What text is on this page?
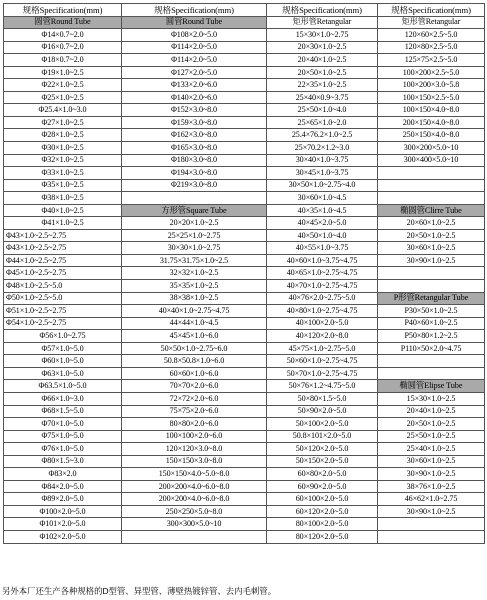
规格Specification(mm)	规格Specification(mm)	规格Specification(mm)	规格Specification(mm)
圆管Round Tube	圆管Round Tube	矩形管Retangular	矩形管Retangular
Φ14×0.7~2.0	Φ108×2.0~5.0	15×30×1.0~2.75	120×60×2.5~5.0
Φ16×0.7~2.0	Φ114×2.0~5.0	20×30×1.0~2.5	120×80×2.5~5.0
Φ18×0.7~2.0	Φ114×2.0~5.0	20×40×1.0~2.5	125×75×2.5~5.0
Φ19×1.0~2.5	Φ127×2.0~5.0	20×50×1.0~2.5	100×200×2.5~5.0
Φ22×1.0~2.5	Φ133×2.0~6.0	22×35×1.0~2.5	100×200×3.0~5.8
Φ25×1.0~2.5	Φ140×2.0~6.0	25×40×0.9~3.75	100×150×2.5~5.0
Φ25.4×1.0~3.0	Φ152×3.0~8.0	25×50×1.0~4.0	100×150×4.0~8.0
Φ27×1.0~2.5	Φ159×3.0~8.0	25×65×1.0~2.0	200×150×4.0~8.0
Φ28×1.0~2.5	Φ162×3.0~8.0	25.4×76.2×1.0~2.5	250×150×4.0~8.0
Φ30×1.0~2.5	Φ165×3.0~8.0	25×70.2×1.2~3.0	300×200×5.0~10
Φ32×1.0~2.5	Φ180×3.0~8.0	30×40×1.0~3.75	300×400×5.0~10
Φ33×1.0~2.5	Φ194×3.0~8.0	30×45×1.0~3.75	
Φ35×1.0~2.5	Φ219×3.0~8.0	30×50×1.0~2.75~4.0	
Φ38×1.0~2.5		30×60×1.0~4.5	
Φ40×1.0~2.5	方形管Square Tube	40×35×1.0~4.5	椭圆管Clirre Tube
Φ41×1.0~2.5	20×20×1.0~2.5	40×45×2.0~5.0	20×60×1.0~2.5
Φ43×1.0~2.5~2.75	25×25×1.0~2.75	40×50×1.0~4.0	20×50×1.0~2.5
Φ43×1.0~2.5~2.75	30×30×1.0~2.75	40×55×1.0~3.75	30×60×1.0~2.5
Φ44×1.0~2.5~2.75	31.75×31.75×1.0~2.5	40×60×1.0~3.75~4.75	30×90×1.0~2.5
Φ45×1.0~2.5~2.75	32×32×1.0~2.5	40×65×1.0~2.75~4.75	
Φ48×1.0~2.5~5.0	35×35×1.0~2.5	40×70×1.0~2.75~4.75	
Φ50×1.0~2.5~5.0	38×38×1.0~2.5	40×76×2.0~2.75~5.0	P形管Retangular Tube
Φ51×1.0~2.5~2.75	40×40×1.0~2.75~4.75	40×80×1.0~2.75~4.75	P30×50×1.0~2.5
Φ54×1.0~2.5~2.75	44×44×1.0~4.5	40×100×2.0~5.0	P40×60×1.0~2.5
Φ56×1.0~2.75	45×45×1.0~6.0	40×120×2.0~8.0	P50×80×1.2~2.5
Φ57×1.0~5.0	50×50×1.0~2.75~6.0	45×75×1.0~2.75~5.0	P110×50×2.0~4.75
Φ60×1.0~5.0	50.8×50.8×1.0~6.0	50×60×1.0~2.75~4.75	
Φ63×1.0~5.0	60×60×1.0~6.0	50×70×1.0~2.75~4.75	
Φ63.5×1.0~5.0	70×70×2.0~6.0	50×76×1.2~4.75~5.0	椭圆管Elipse Tube
Φ66×1.0~3.0	72×72×2.0~6.0	50×80×1.5~5.0	15×30×1.0~2.5
Φ68×1.5~5.0	75×75×2.0~6.0	50×90×2.0~5.0	20×40×1.0~2.5
Φ70×1.0~5.0	80×80×2.0~6.0	50×100×2.0~5.0	20×50×1.0~2.5
Φ75×1.0~5.0	100×100×2.0~6.0	50.8×101×2.0~5.0	25×50×1.0~2.5
Φ76×1.0~5.0	120×120×3.0~8.0	50×120×2.0~5.0	25×40×1.0~2.5
Φ80×1.5~3.0	150×150×3.0~8.0	50×150×2.0~5.0	30×60×1.0~2.5
Φ83×2.0	150×150×4.0~5.0~8.0	60×80×2.0~5.0	30×90×1.0~2.5
Φ84×2.0~5.0	200×200×4.0~6.0~8.0	60×90×2.0~5.0	38×76×1.0~2.5
Φ89×2.0~5.0	200×200×4.0~6.0~8.0	60×100×2.0~5.0	46×62×1.0~2.75
Φ100×2.0~5.0	250×250×5.0~8.0	60×120×2.0~5.0	30×90×1.0~2.5
Φ101×2.0~5.0	300×300×5.0~10	80×100×2.0~5.0	
Φ102×2.0~5.0		80×120×2.0~5.0	
另外本厂还生产各种规格的D型管、异型管、薄壁热镀锌管、去内毛刺管。
